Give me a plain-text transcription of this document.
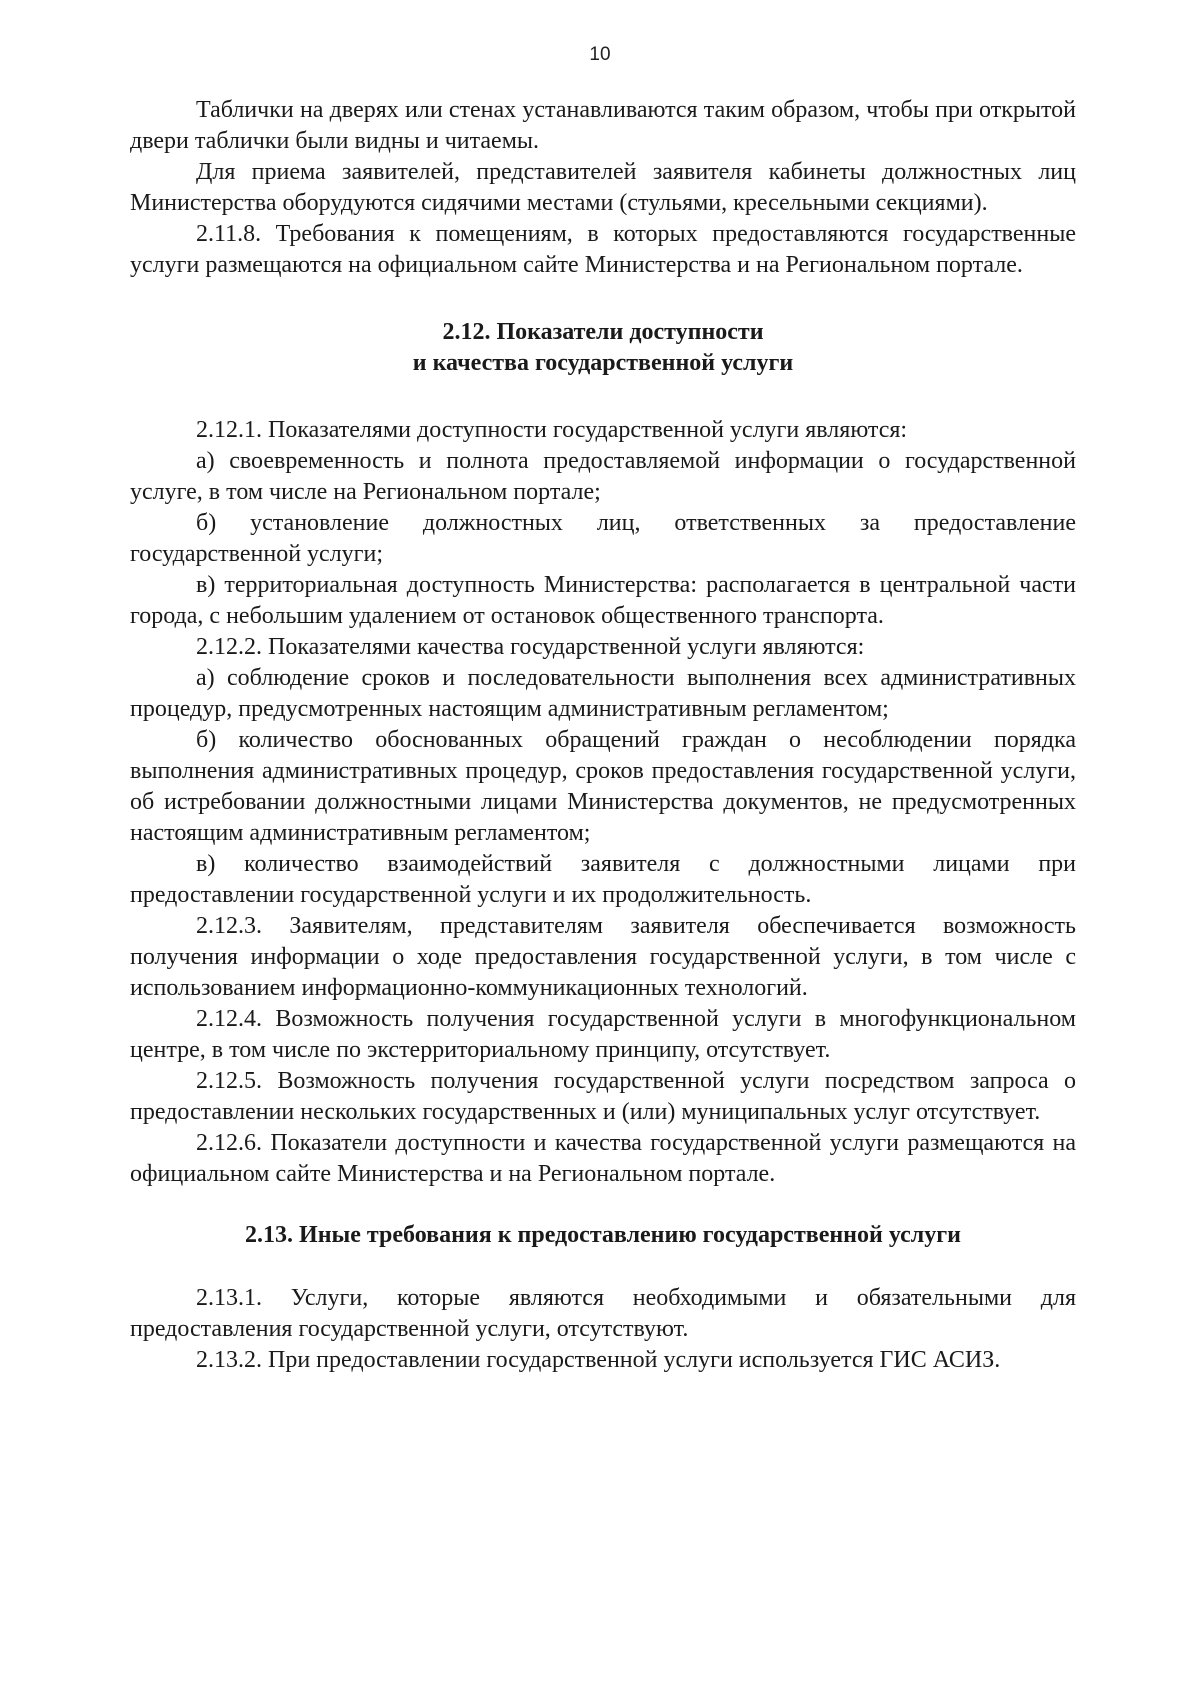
10

Таблички на дверях или стенах устанавливаются таким образом, чтобы при открытой двери таблички были видны и читаемы.

Для приема заявителей, представителей заявителя кабинеты должностных лиц Министерства оборудуются сидячими местами (стульями, кресельными секциями).

2.11.8. Требования к помещениям, в которых предоставляются государственные услуги размещаются на официальном сайте Министерства и на Региональном портале.

2.12. Показатели доступности
и качества государственной услуги

2.12.1. Показателями доступности государственной услуги являются:

а) своевременность и полнота предоставляемой информации о государственной услуге, в том числе на Региональном портале;

б) установление должностных лиц, ответственных за предоставление государственной услуги;

в) территориальная доступность Министерства: располагается в центральной части города, с небольшим удалением от остановок общественного транспорта.

2.12.2. Показателями качества государственной услуги являются:

а) соблюдение сроков и последовательности выполнения всех административных процедур, предусмотренных настоящим административным регламентом;

б) количество обоснованных обращений граждан о несоблюдении порядка выполнения административных процедур, сроков предоставления государственной услуги, об истребовании должностными лицами Министерства документов, не предусмотренных настоящим административным регламентом;

в) количество взаимодействий заявителя с должностными лицами при предоставлении государственной услуги и их продолжительность.

2.12.3. Заявителям, представителям заявителя обеспечивается возможность получения информации о ходе предоставления государственной услуги, в том числе с использованием информационно-коммуникационных технологий.

2.12.4. Возможность получения государственной услуги в многофункциональном центре, в том числе по экстерриториальному принципу, отсутствует.

2.12.5. Возможность получения государственной услуги посредством запроса о предоставлении нескольких государственных и (или) муниципальных услуг отсутствует.

2.12.6. Показатели доступности и качества государственной услуги размещаются на официальном сайте Министерства и на Региональном портале.

2.13. Иные требования к предоставлению государственной услуги

2.13.1. Услуги, которые являются необходимыми и обязательными для предоставления государственной услуги, отсутствуют.

2.13.2. При предоставлении государственной услуги используется ГИС АСИЗ.
